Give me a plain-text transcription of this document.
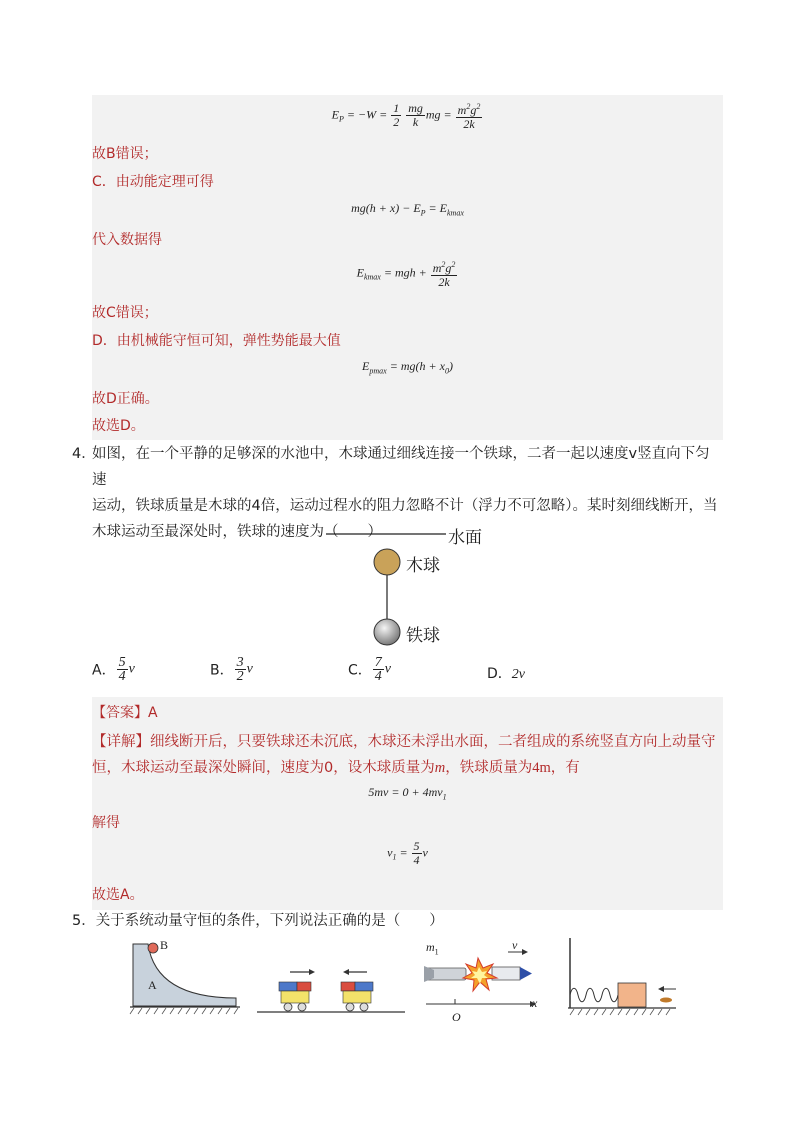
$E_P = -W = \frac{1}{2}$
$\frac{mg}{k}$ mg = $\frac{m^2g^2}{2k}$
故B错误；
C．由动能定理可得
$mg(h + x) - E_P = E_{kmax}$
代入数据得
$E_{kmax}$ = mgh + $\frac{m^2g^2}{2k}$
故C错误；
D．由机械能守恒可知，弹性势能最大值
$E_{pmax} = mg(h + x_0)$
故D正确。
故选D。
4．
如图，在一个平静的足够深的水池中，木球通过细线连接一个铁球，二者一起以速度v竖直向下匀速
运动，铁球质量是木球的4倍，运动过程水的阻力忽略不计（浮力不可忽略）。某时刻细线断开，当
木球运动至最深处时，铁球的速度为（　　）	水面
木球
铁球
A． $\frac{5}{4}$ v	B． $\frac{3}{2}$ v	C． $\frac{7}{4}$ v	D．2v
【答案】A
【详解】细线断开后，只要铁球还未沉底，木球还未浮出水面，二者组成的系统竖直方向上动量守
恒，木球运动至最深处瞬间，速度为0，设木球质量为m，铁球质量为4m，有
$5mv = 0 + 4mv_1$
解得
$v_1 = \frac{5}{4}$ v
故选A。
5．关于系统动量守恒的条件，下列说法正确的是（　　）
B
A
$m_1$	v
O
x
